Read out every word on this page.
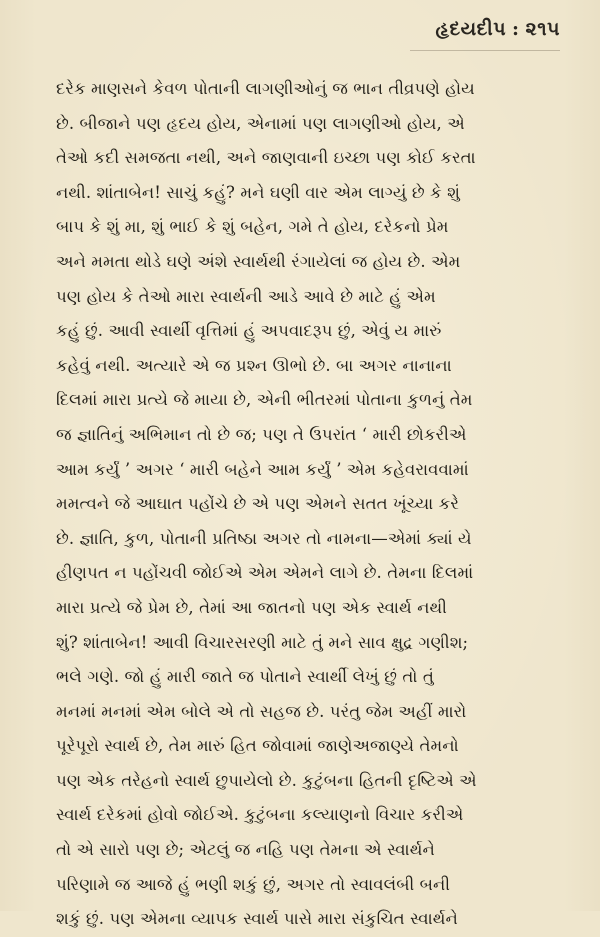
હૃદયદીપ : ૨૧૫
દરેક માણસને કેવળ પોતાની લાગણીઓનું જ ભાન તીવ્રપણે હોય
છે. બીજાને પણ હૃદય હોય, એનામાં પણ લાગણીઓ હોય, એ
તેઓ કદી સમજતા નથી, અને જાણવાની ઇચ્છા પણ કોઈ કરતા
નથી. શાંતાબેન! સાચું કહું? મને ઘણી વાર એમ લાગ્યું છે કે શું
બાપ કે શું મા, શું ભાઈ કે શું બહેન, ગમે તે હોય, દરેકનો પ્રેમ
અને મમતા થોડે ઘણે અંશે સ્વાર્થથી રંગાયેલાં જ હોય છે. એમ
પણ હોય કે તેઓ મારા સ્વાર્થની આડે આવે છે માટે હું એમ
કહું છું. આવી સ્વાર્થી વૃત્તિમાં હું અપવાદરૂપ છું, એવું ય મારું
કહેવું નથી. અત્યારે એ જ પ્રશ્ન ઊભો છે. બા અગર નાનાના
દિલમાં મારા પ્રત્યે જે માયા છે, એની ભીતરમાં પોતાના કુળનું તેમ
જ જ્ઞાતિનું અભિમાન તો છે જ; પણ તે ઉપરાંત ‘ મારી છોકરીએ
આમ કર્યું ’ અગર ‘ મારી બહેને આમ કર્યું ’ એમ કહેવરાવવામાં
મમત્વને જે આઘાત પહોંચે છે એ પણ એમને સતત ખૂંચ્યા કરે
છે. જ્ઞાતિ, કુળ, પોતાની પ્રતિષ્ઠા અગર તો નામના—એમાં ક્યાં યે
હીણપત ન પહોંચવી જોઈએ એમ એમને લાગે છે. તેમના દિલમાં
મારા પ્રત્યે જે પ્રેમ છે, તેમાં આ જાતનો પણ એક સ્વાર્થ નથી
શું? શાંતાબેન! આવી વિચારસરણી માટે તું મને સાવ ક્ષુદ્ર ગણીશ;
ભલે ગણે. જો હું મારી જાતે જ પોતાને સ્વાર્થી લેખું છું તો તું
મનમાં મનમાં એમ બોલે એ તો સહજ છે. પરંતુ જેમ અહીં મારો
પૂરેપૂરો સ્વાર્થ છે, તેમ મારું હિત જોવામાં જાણેઅજાણ્યે તેમનો
પણ એક તરેહનો સ્વાર્થ છુપાયેલો છે. કુટુંબના હિતની દૃષ્ટિએ એ
સ્વાર્થ દરેકમાં હોવો જોઈએ. કુટુંબના કલ્યાણનો વિચાર કરીએ
તો એ સારો પણ છે; એટલું જ નહિ પણ તેમના એ સ્વાર્થને
પરિણામે જ આજે હું ભણી શકું છું, અગર તો સ્વાવલંબી બની
શકું છું. પણ એમના વ્યાપક સ્વાર્થ પાસે મારા સંકુચિત સ્વાર્થને
